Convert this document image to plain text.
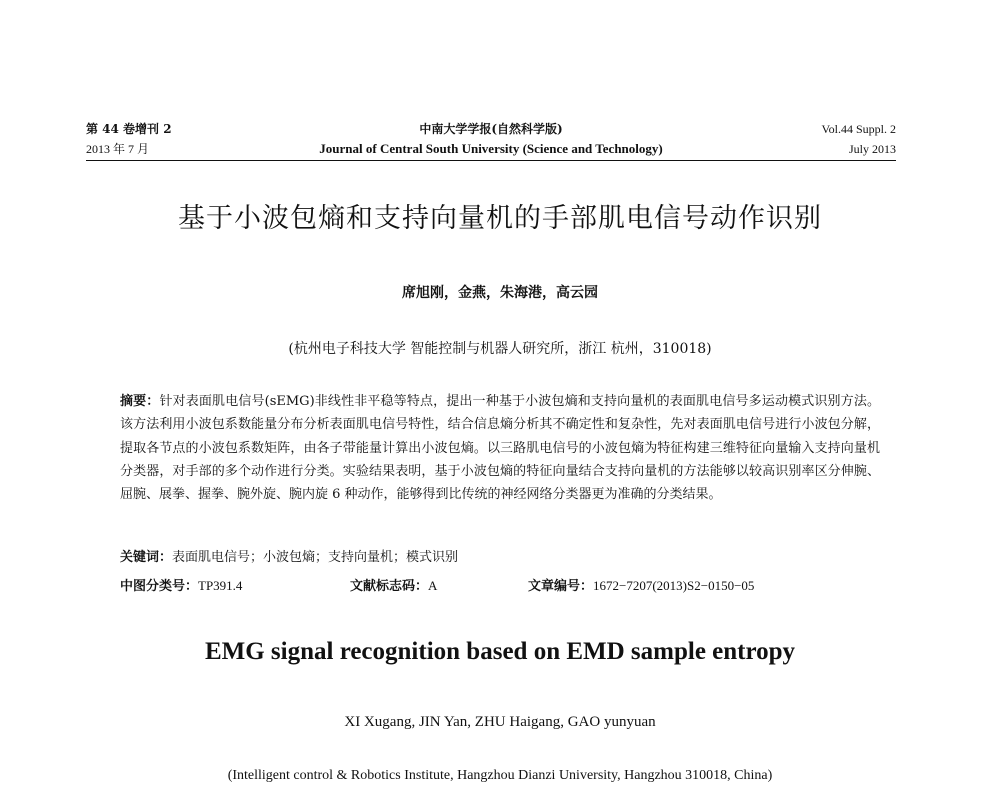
第 44 卷增刊 2	中南大学学报(自然科学版)	Vol.44 Suppl. 2
2013 年 7 月	Journal of Central South University (Science and Technology)	July 2013
基于小波包熵和支持向量机的手部肌电信号动作识别
席旭刚，金燕，朱海港，高云园
(杭州电子科技大学 智能控制与机器人研究所，浙江 杭州，310018)
摘要：针对表面肌电信号(sEMG)非线性非平稳等特点，提出一种基于小波包熵和支持向量机的表面肌电信号多运动模式识别方法。该方法利用小波包系数能量分布分析表面肌电信号特性，结合信息熵分析其不确定性和复杂性，先对表面肌电信号进行小波包分解，提取各节点的小波包系数矩阵，由各子带能量计算出小波包熵。以三路肌电信号的小波包熵为特征构建三维特征向量输入支持向量机分类器，对手部的多个动作进行分类。实验结果表明，基于小波包熵的特征向量结合支持向量机的方法能够以较高识别率区分伸腕、屈腕、展拳、握拳、腕外旋、腕内旋 6 种动作，能够得到比传统的神经网络分类器更为准确的分类结果。
关键词：表面肌电信号；小波包熵；支持向量机；模式识别
中图分类号：TP391.4	文献标志码：A	文章编号：1672−7207(2013)S2−0150−05
EMG signal recognition based on EMD sample entropy
XI Xugang, JIN Yan, ZHU Haigang, GAO yunyuan
(Intelligent control & Robotics Institute, Hangzhou Dianzi University, Hangzhou 310018, China)
